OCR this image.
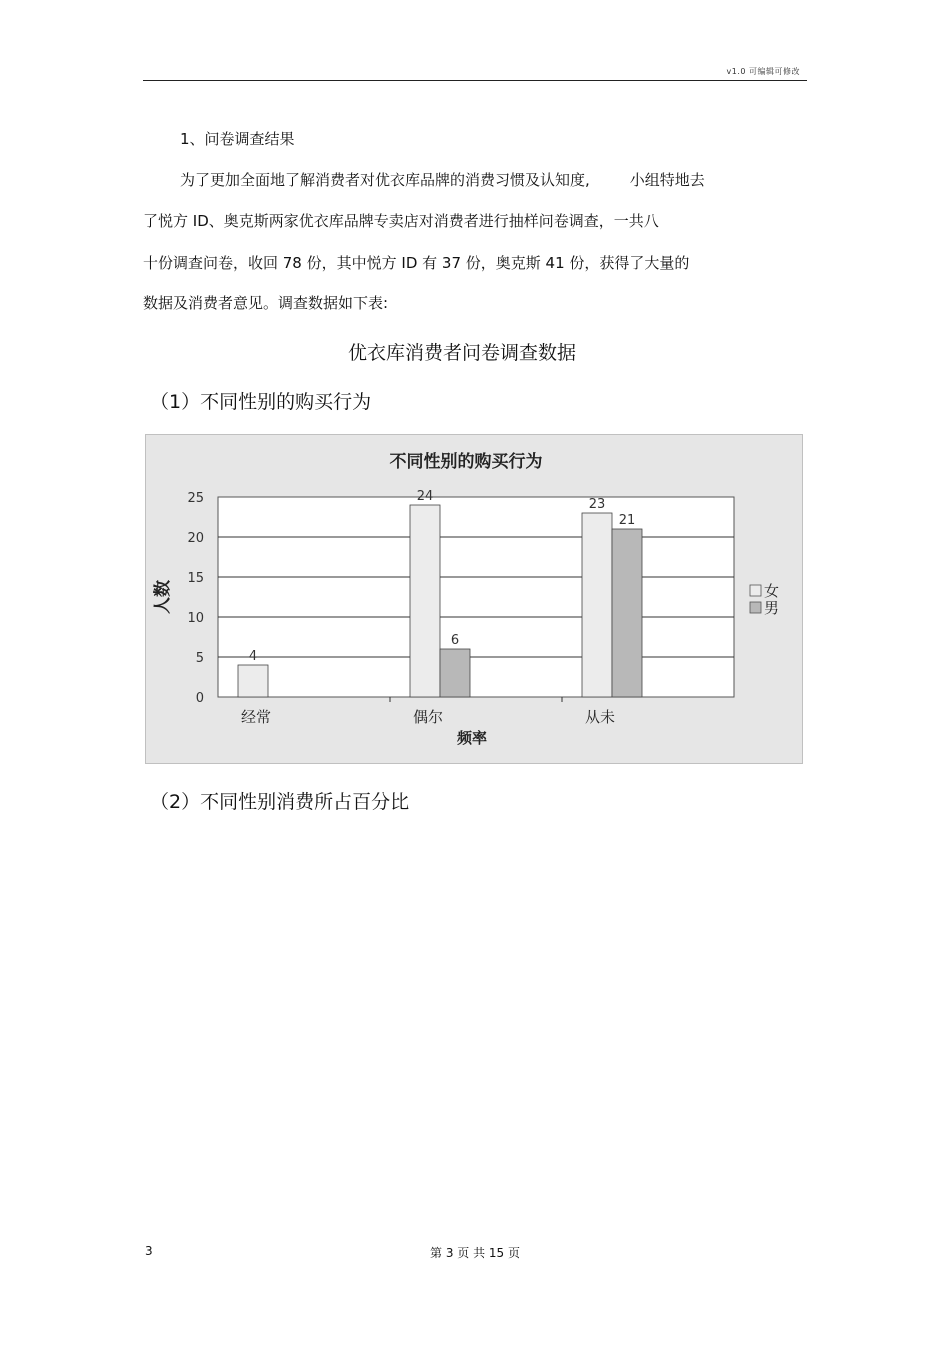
v1.0 可编辑可修改
1、问卷调查结果
为了更加全面地了解消费者对优衣库品牌的消费习惯及认知度,	小组特地去
了悦方 ID、奥克斯两家优衣库品牌专卖店对消费者进行抽样问卷调查，一共八
十份调查问卷，收回 78 份，其中悦方 ID 有 37 份，奥克斯 41 份，获得了大量的
数据及消费者意见。调查数据如下表:
优衣库消费者问卷调查数据
（1）不同性别的购买行为
不同性别的购买行为
0
5
10
15
20
25
4
24
6
23
21
经常	偶尔	从未
频率
人数	女
男
（2）不同性别消费所占百分比
3	第 3 页 共 15 页
